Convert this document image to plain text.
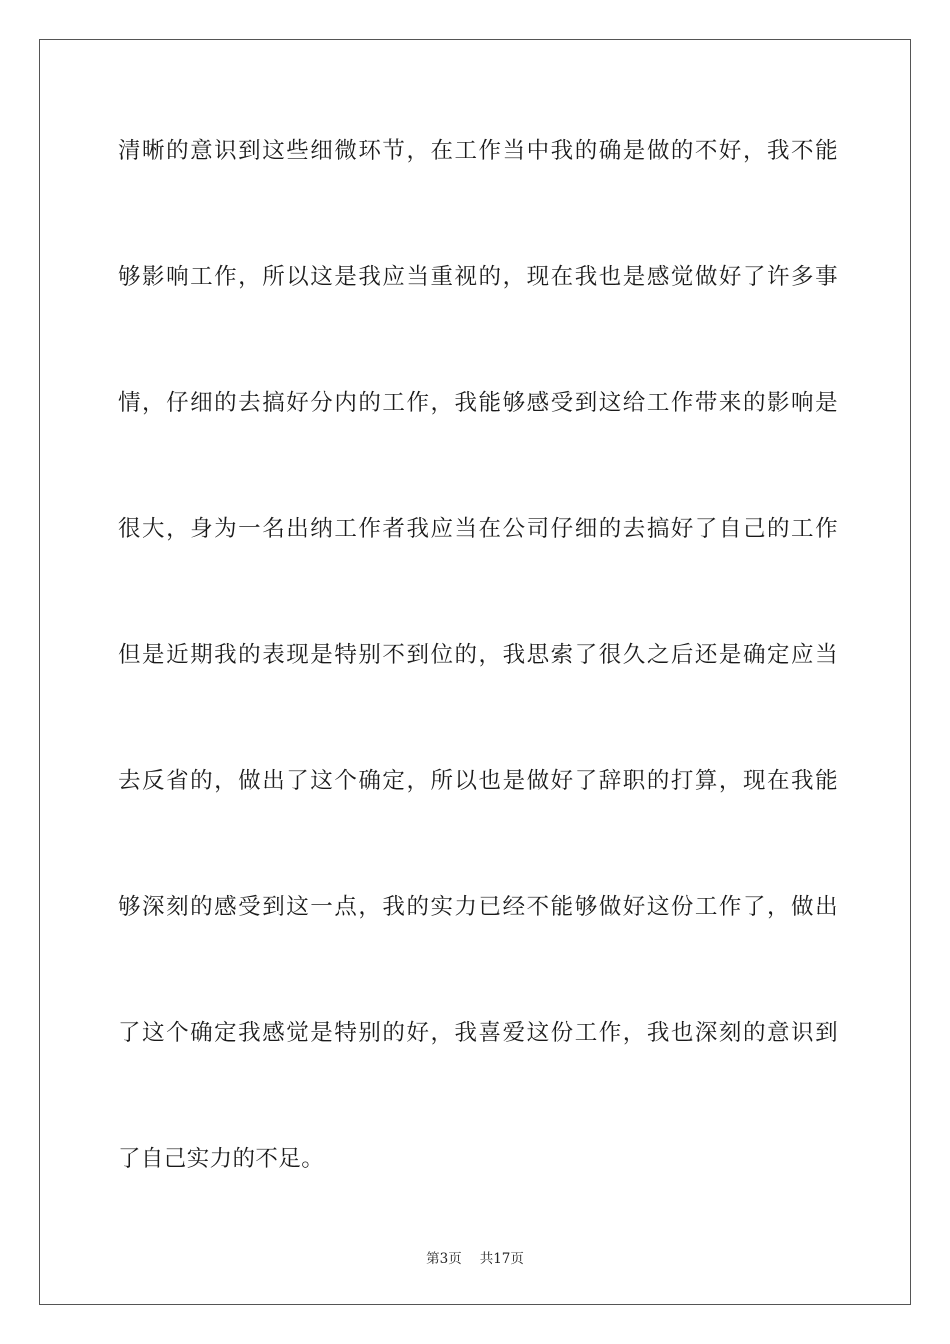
清晰的意识到这些细微环节，在工作当中我的确是做的不好，我不能
够影响工作，所以这是我应当重视的，现在我也是感觉做好了许多事
情，仔细的去搞好分内的工作，我能够感受到这给工作带来的影响是
很大，身为一名出纳工作者我应当在公司仔细的去搞好了自己的工作
但是近期我的表现是特别不到位的，我思索了很久之后还是确定应当
去反省的，做出了这个确定，所以也是做好了辞职的打算，现在我能
够深刻的感受到这一点，我的实力已经不能够做好这份工作了，做出
了这个确定我感觉是特别的好，我喜爱这份工作，我也深刻的意识到
了自己实力的不足。
第3页 共17页
